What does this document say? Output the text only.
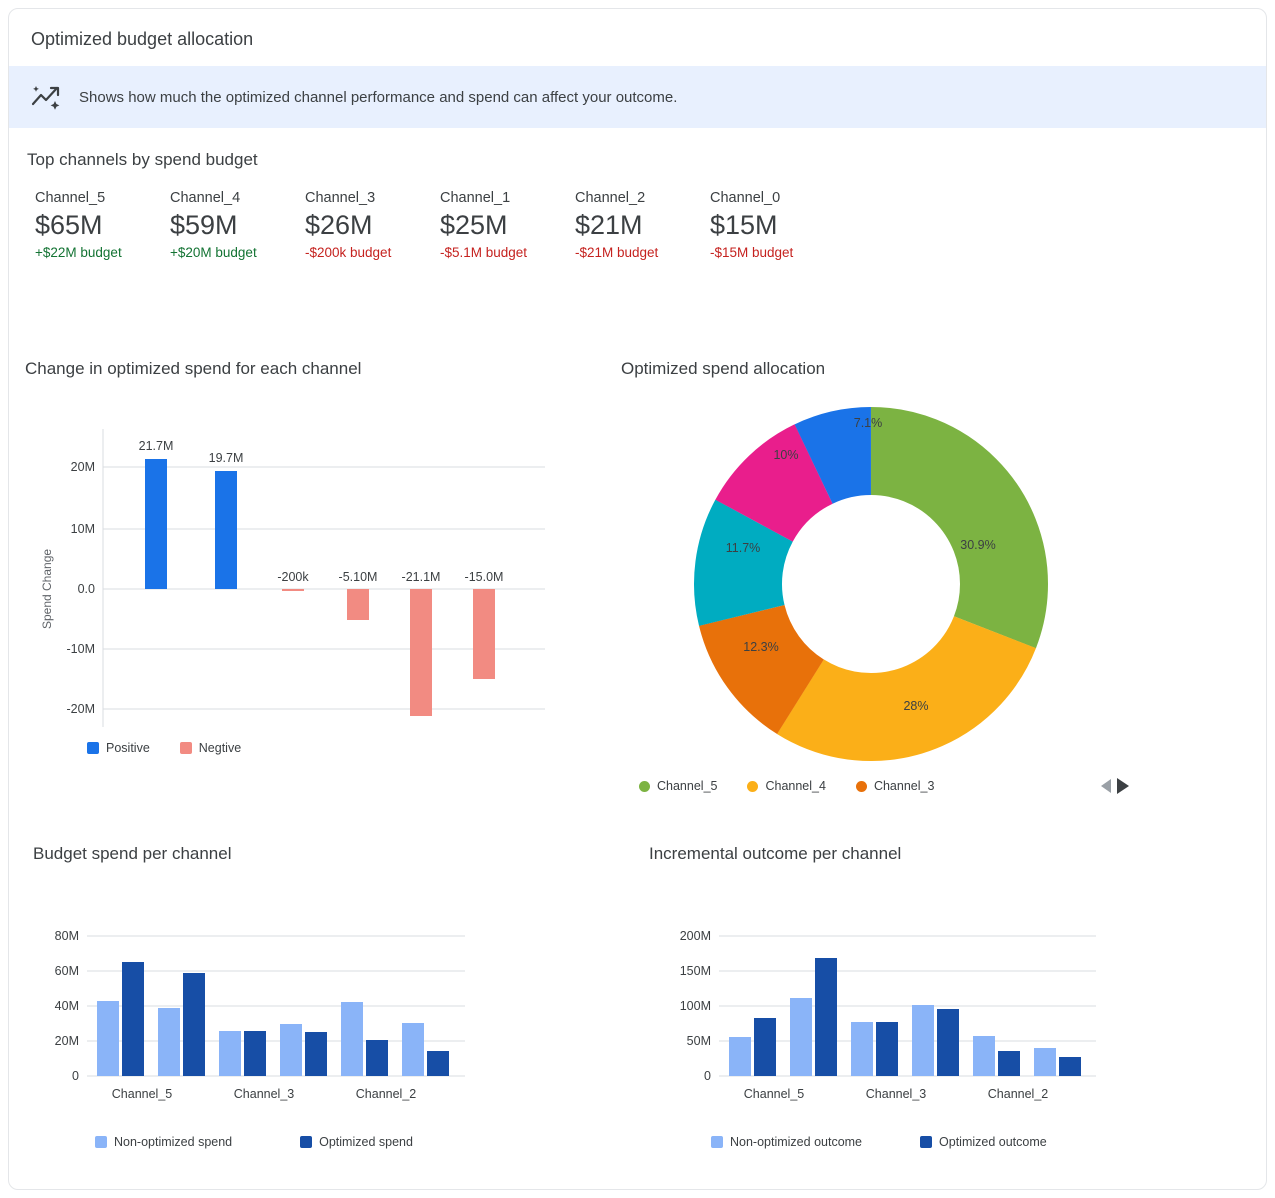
Optimized budget allocation
Shows how much the optimized channel performance and spend can affect your outcome.
Top channels by spend budget
Channel_5
$65M
+$22M budget
Channel_4
$59M
+$20M budget
Channel_3
$26M
-$200k budget
Channel_1
$25M
-$5.1M budget
Channel_2
$21M
-$21M budget
Channel_0
$15M
-$15M budget
Change in optimized spend for each channel
20M
10M
0.0
-10M
-20M
Spend Change
21.7M
19.7M
-200k -5.10M -21.1M -15.0M
Positive	Negtive
Optimized spend allocation
30.9%
28%
12.3%
11.7%
10%
7.1%
Channel_5	Channel_4	Channel_3
Budget spend per channel
80M
60M
40M
20M
0
Channel_5	Channel_3	Channel_2
Non-optimized spend	Optimized spend
Incremental outcome per channel
200M
150M
100M
50M
0
Channel_5	Channel_3	Channel_2
Non-optimized outcome	Optimized outcome
